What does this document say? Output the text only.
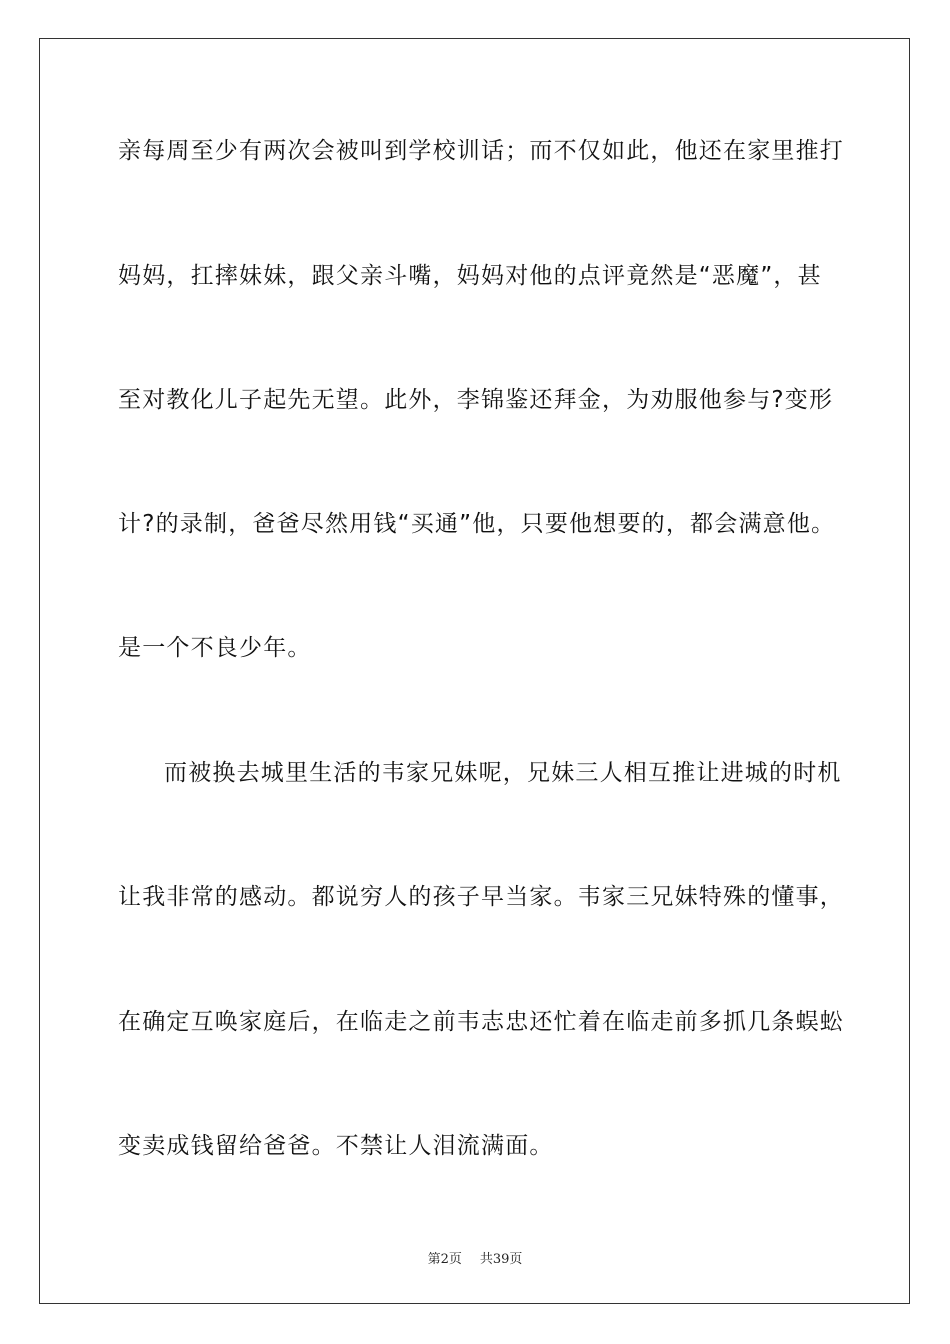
亲每周至少有两次会被叫到学校训话；而不仅如此，他还在家里推打
妈妈，扛摔妹妹，跟父亲斗嘴，妈妈对他的点评竟然是“恶魔”，甚
至对教化儿子起先无望。此外，李锦鉴还拜金，为劝服他参与?变形
计?的录制，爸爸尽然用钱“买通”他，只要他想要的，都会满意他。
是一个不良少年。
而被换去城里生活的韦家兄妹呢，兄妹三人相互推让进城的时机
让我非常的感动。都说穷人的孩子早当家。韦家三兄妹特殊的懂事，
在确定互唤家庭后，在临走之前韦志忠还忙着在临走前多抓几条蜈蚣
变卖成钱留给爸爸。不禁让人泪流满面。
第2页 共39页
